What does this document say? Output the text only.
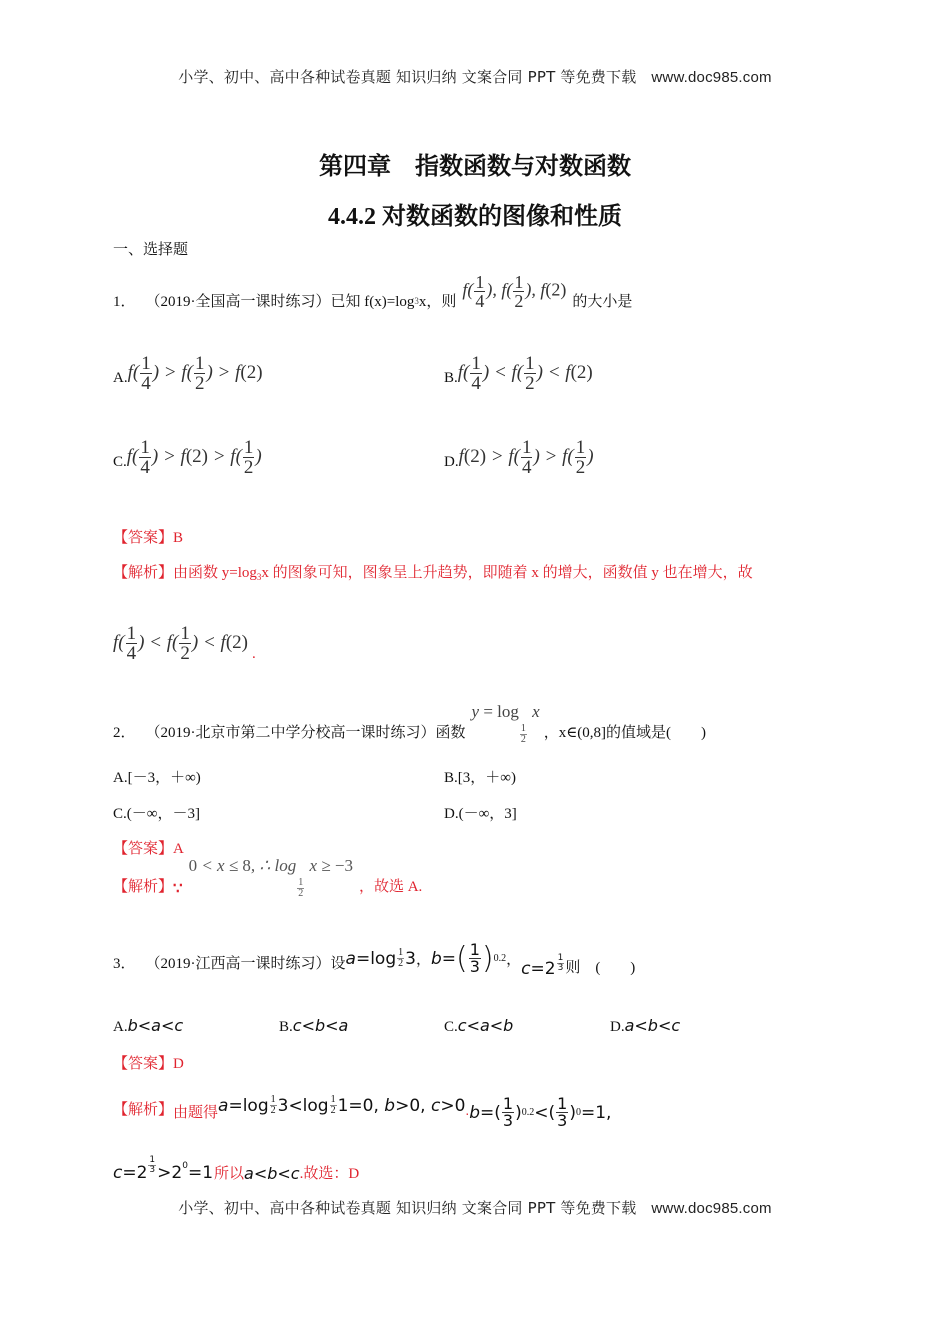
小学、初中、高中各种试卷真题 知识归纳 文案合同 PPT 等免费下载 www.doc985.com
第四章　指数函数与对数函数
4.4.2 对数函数的图像和性质
一、选择题
1． （2019·全国高一课时练习） 已知 f(x)=log 3 x，则
$f( \frac{1}{4}$ ), $f( \frac{1}{2}$ ), f(2)
的大小是
A. $f( \frac{1}{4}$ ) > $f( \frac{1}{2}$ ) > f(2)	B. $f( \frac{1}{4}$ ) < $f( \frac{1}{2}$ ) < f(2)
C. $f( \frac{1}{4}$ ) > $f(2) > f( \frac{1}{2}$ )	D. $f(2) > f( \frac{1}{4}$ ) > $f( \frac{1}{2}$ )
【答案】B
【解析】由函数 $y=\log_3x$ 的图象可知，图象呈上升趋势，即随着 x 的增大，函数值 y 也在增大，故
$f( \frac{1}{4}$ ) < $f( \frac{1}{2}$ ) < f(2)
.
2． （2019·北京市第二中学分校高一课时练习） 函数
y = log
$\frac{1}{2}$
x
，x∈(0,8]的值域是(　　)
A.[－3，＋∞)	B.[3，＋∞)
C.(－∞，－3]	D.(－∞，3]
【答案】A
【解析】 ∵
0 < x ≤ 8, ∴ log
$\frac{1}{2}$
x ≥ −3
，故选 A.
3． （2019·江西高一课时练习） 设 $a =\log \frac{1}{2} 3$ ， b = ( $\frac{1}{3}$ ) 0.2 ， $c=2 \frac{1}{3}$ 则　(　　)
A.b<a<c	B.c<b<a	C.c<a<b	D.a<b<c
【答案】D
【解析】 由题得 $a =\log \frac{1}{2} 3<\log \frac{1}{2} 1=0$, b >0, c >0 . b =( $\frac{1}{3}$ ) 0.2 <( $\frac{1}{3}$ ) 0 =1,
$c=2 \frac{1}{3} >2^0=1$ 所以 a<b<c .故选：D
小学、初中、高中各种试卷真题 知识归纳 文案合同 PPT 等免费下载 www.doc985.com
